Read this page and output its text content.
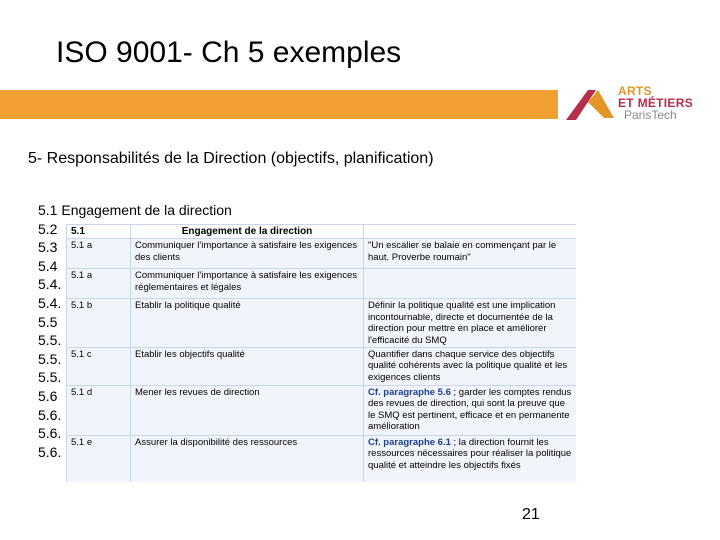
ISO 9001- Ch 5 exemples
ARTS
ET MÉTIERS
ParisTech
5- Responsabilités de la Direction (objectifs, planification)
5.1 Engagement de la direction
5.2
5.3
5.4
5.4.
5.4.
5.5
5.5.
5.5.
5.5.
5.6
5.6.
5.6.
5.6.
5.1	Engagement de la direction	
5.1 a	Communiquer l'importance à satisfaire les exigences des clients	"Un escalier se balaie en commençant par le haut. Proverbe roumain"
5.1 a	Communiquer l'importance à satisfaire les exigences réglementaires et légales	
5.1 b	Etablir la politique qualité	Définir la politique qualité est une implication incontournable, directe et documentée de la direction pour mettre en place et améliorer l'efficacité du SMQ
5.1 c	Etablir les objectifs qualité	Quantifier dans chaque service des objectifs qualité cohérents avec la politique qualité et les exigences clients
5.1 d	Mener les revues de direction	Cf. paragraphe 5.6 ; garder les comptes rendus des revues de direction, qui sont la preuve que le SMQ est pertinent, efficace et en permanente amélioration
5.1 e	Assurer la disponibilité des ressources	Cf. paragraphe 6.1 ; la direction fournit les ressources nécessaires pour réaliser la politique qualité et atteindre les objectifs fixés
21
